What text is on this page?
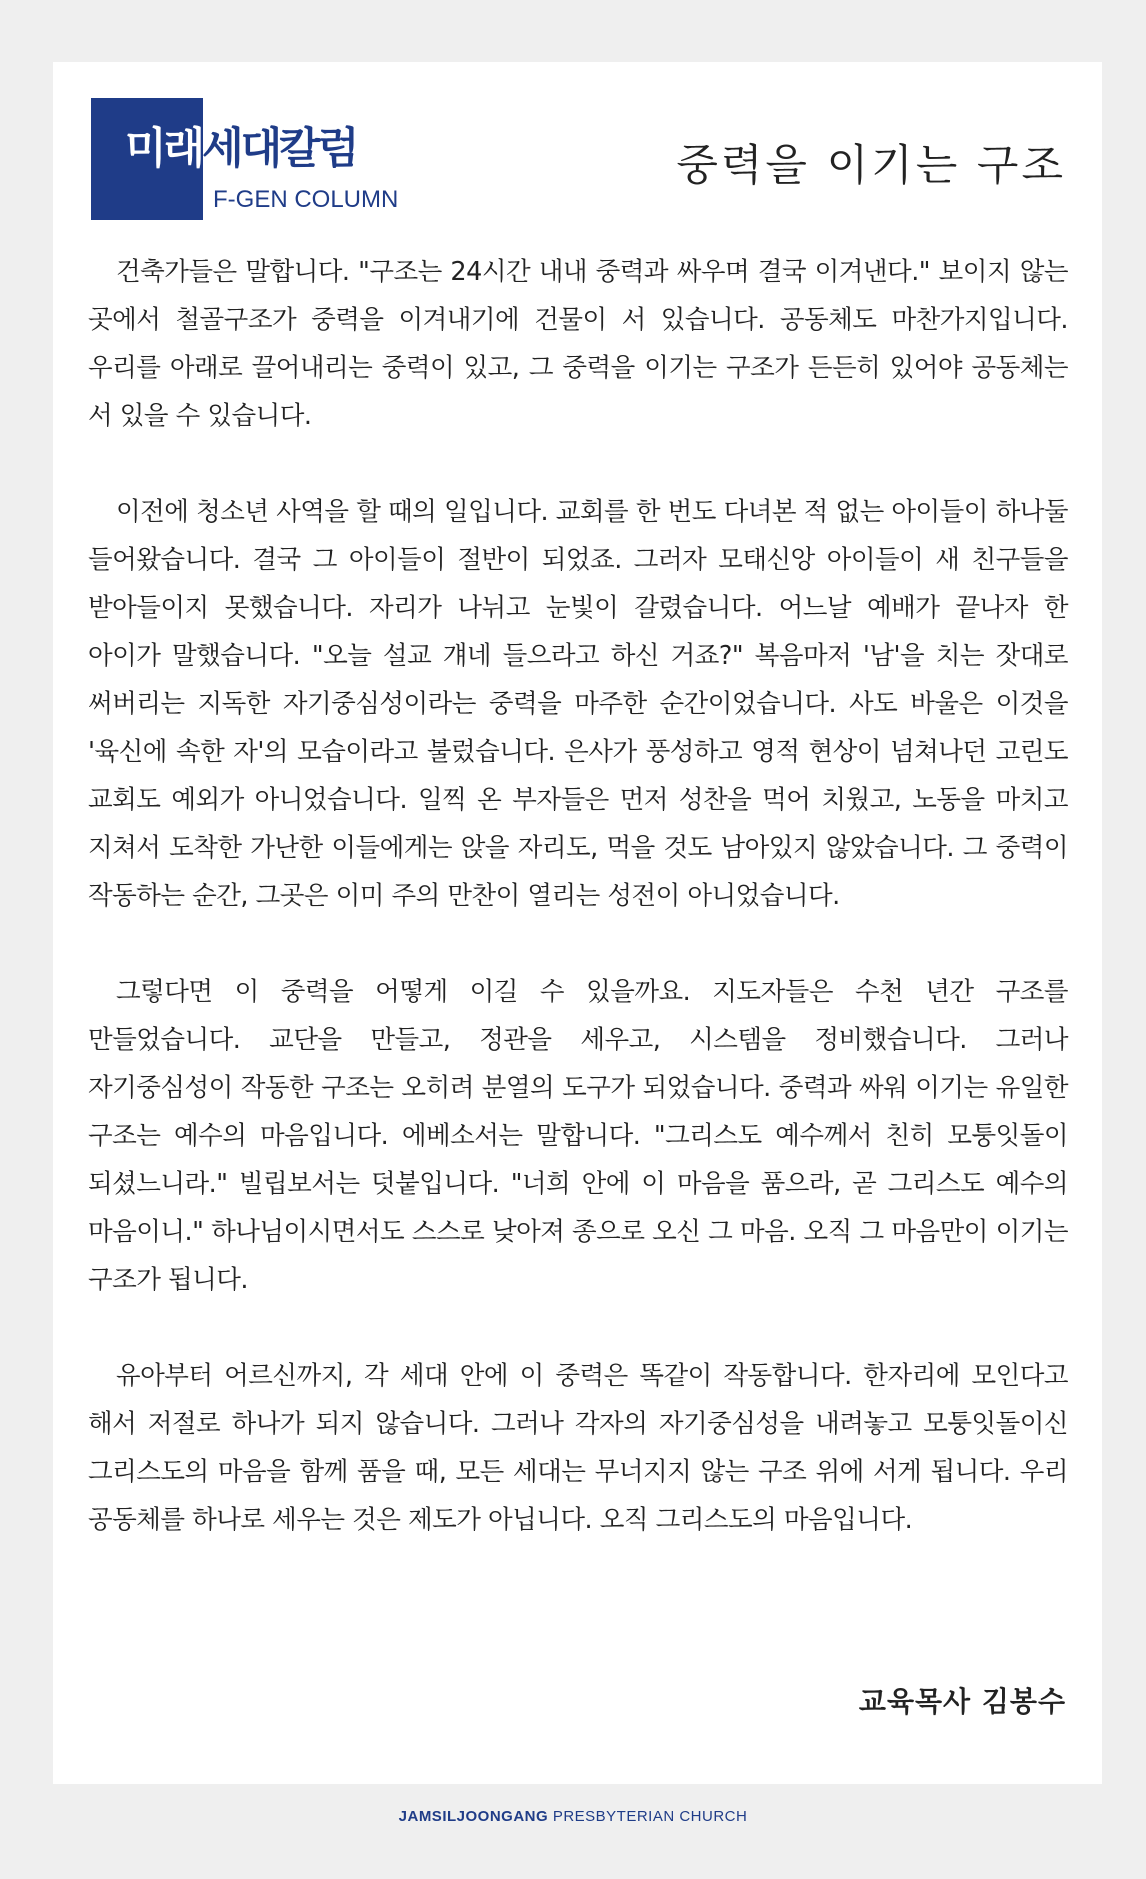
미래세대칼럼
F-GEN COLUMN
중력을 이기는 구조

건축가들은 말합니다. "구조는 24시간 내내 중력과 싸우며 결국 이겨낸다." 보이지 않는 곳에서 철골구조가 중력을 이겨내기에 건물이 서 있습니다. 공동체도 마찬가지입니다. 우리를 아래로 끌어내리는 중력이 있고, 그 중력을 이기는 구조가 든든히 있어야 공동체는 서 있을 수 있습니다.

이전에 청소년 사역을 할 때의 일입니다. 교회를 한 번도 다녀본 적 없는 아이들이 하나둘 들어왔습니다. 결국 그 아이들이 절반이 되었죠. 그러자 모태신앙 아이들이 새 친구들을 받아들이지 못했습니다. 자리가 나뉘고 눈빛이 갈렸습니다. 어느날 예배가 끝나자 한 아이가 말했습니다. "오늘 설교 걔네 들으라고 하신 거죠?" 복음마저 '남'을 치는 잣대로 써버리는 지독한 자기중심성이라는 중력을 마주한 순간이었습니다. 사도 바울은 이것을 '육신에 속한 자'의 모습이라고 불렀습니다. 은사가 풍성하고 영적 현상이 넘쳐나던 고린도 교회도 예외가 아니었습니다. 일찍 온 부자들은 먼저 성찬을 먹어 치웠고, 노동을 마치고 지쳐서 도착한 가난한 이들에게는 앉을 자리도, 먹을 것도 남아있지 않았습니다. 그 중력이 작동하는 순간, 그곳은 이미 주의 만찬이 열리는 성전이 아니었습니다.

그렇다면 이 중력을 어떻게 이길 수 있을까요. 지도자들은 수천 년간 구조를 만들었습니다. 교단을 만들고, 정관을 세우고, 시스템을 정비했습니다. 그러나 자기중심성이 작동한 구조는 오히려 분열의 도구가 되었습니다. 중력과 싸워 이기는 유일한 구조는 예수의 마음입니다. 에베소서는 말합니다. "그리스도 예수께서 친히 모퉁잇돌이 되셨느니라." 빌립보서는 덧붙입니다. "너희 안에 이 마음을 품으라, 곧 그리스도 예수의 마음이니." 하나님이시면서도 스스로 낮아져 종으로 오신 그 마음. 오직 그 마음만이 이기는 구조가 됩니다.

유아부터 어르신까지, 각 세대 안에 이 중력은 똑같이 작동합니다. 한자리에 모인다고 해서 저절로 하나가 되지 않습니다. 그러나 각자의 자기중심성을 내려놓고 모퉁잇돌이신 그리스도의 마음을 함께 품을 때, 모든 세대는 무너지지 않는 구조 위에 서게 됩니다. 우리 공동체를 하나로 세우는 것은 제도가 아닙니다. 오직 그리스도의 마음입니다.

교육목사 김봉수
JAMSILJOONGANG PRESBYTERIAN CHURCH
